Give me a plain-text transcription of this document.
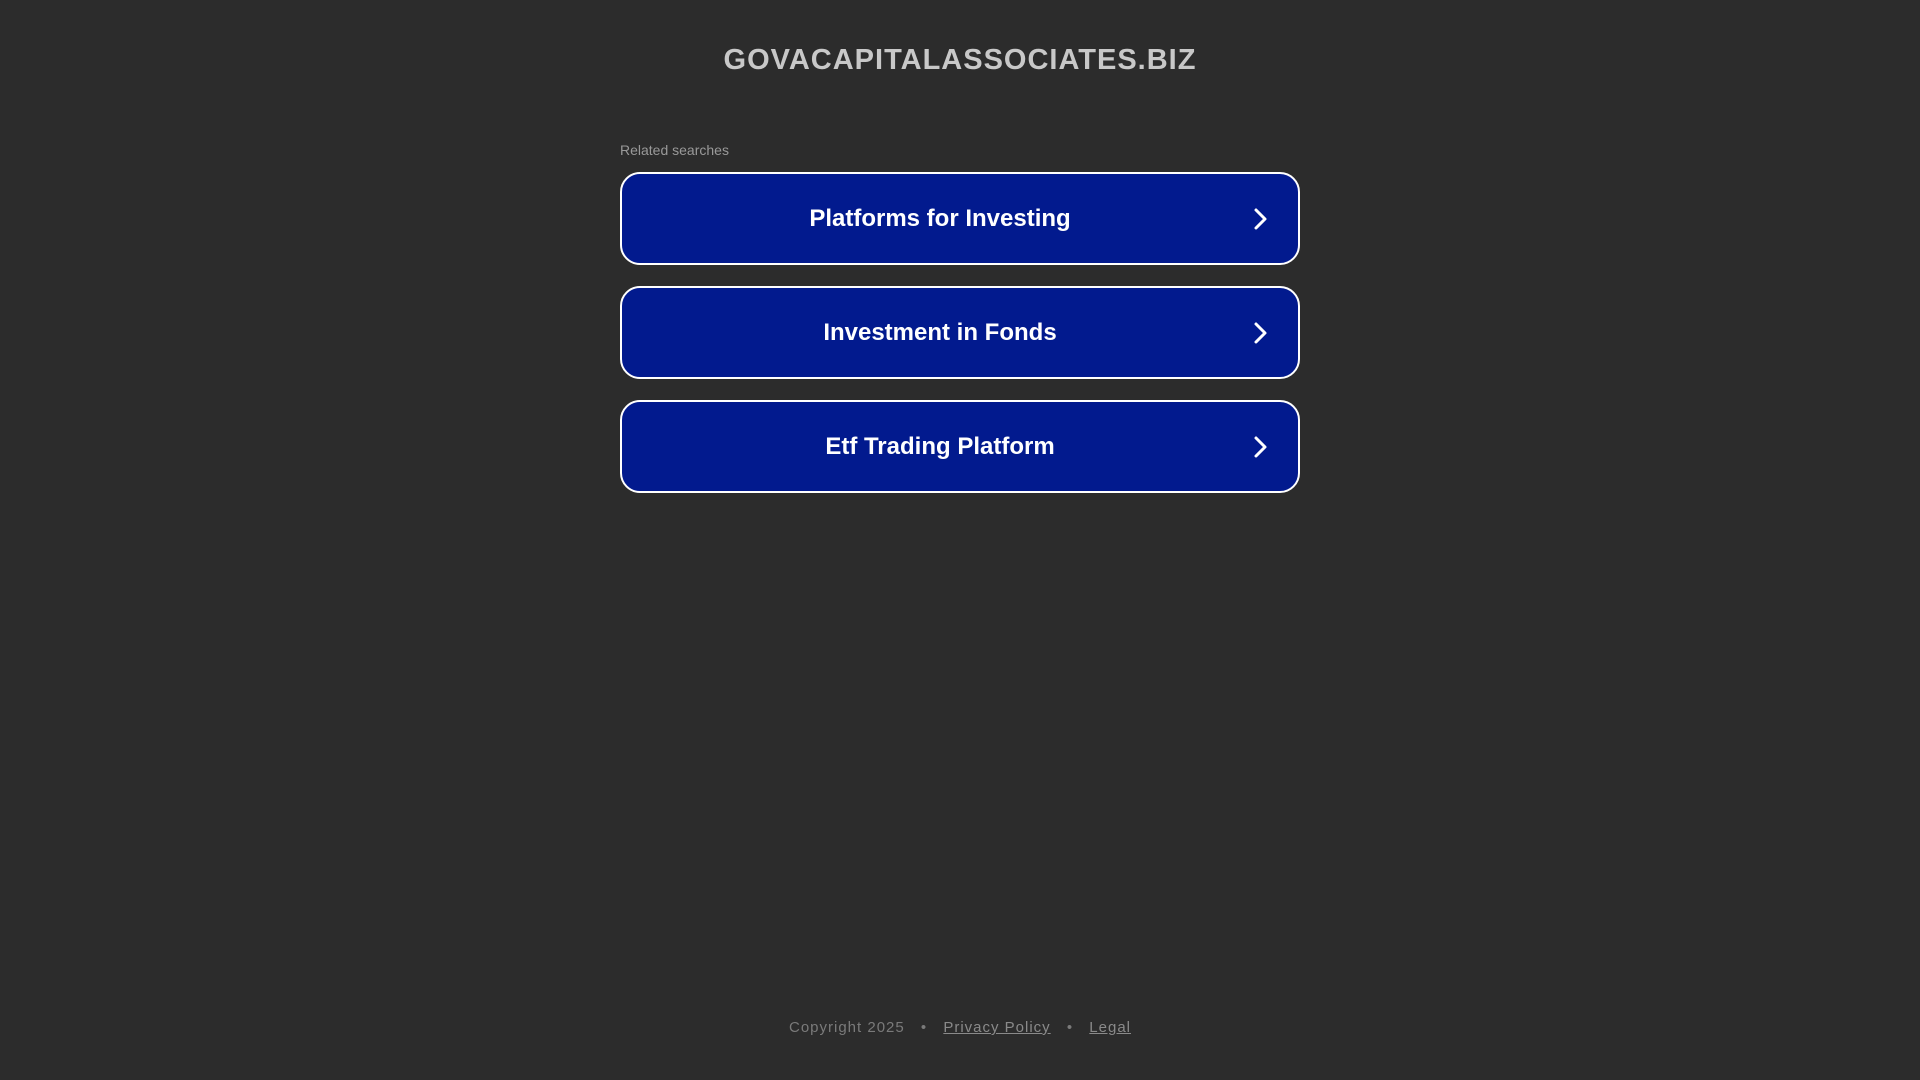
GOVACAPITALASSOCIATES.BIZ
Related searches
Platforms for Investing
Investment in Fonds
Etf Trading Platform
Copyright 2025 • Privacy Policy • Legal
